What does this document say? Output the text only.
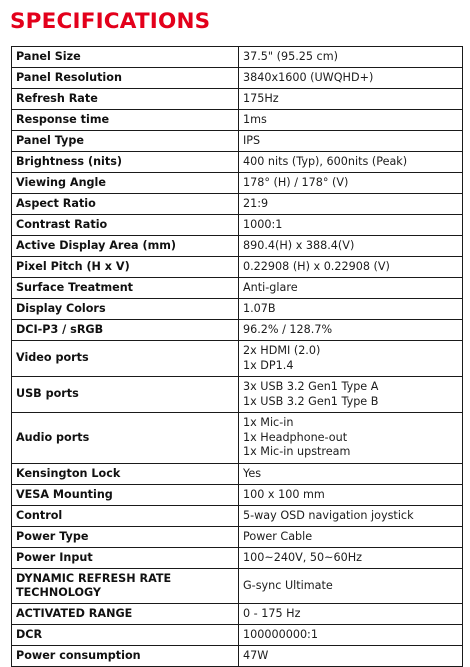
SPECIFICATIONS
Panel Size	37.5" (95.25 cm)

Panel Resolution	3840x1600 (UWQHD+)

Refresh Rate	175Hz

Response time	1ms

Panel Type	IPS

Brightness (nits)	400 nits (Typ), 600nits (Peak)

Viewing Angle	178° (H) / 178° (V)

Aspect Ratio	21:9

Contrast Ratio	1000:1

Active Display Area (mm)	890.4(H) x 388.4(V)

Pixel Pitch (H x V)	0.22908 (H) x 0.22908 (V)

Surface Treatment	Anti-glare

Display Colors	1.07B

DCI-P3 / sRGB	96.2% / 128.7%

Video ports	2x HDMI (2.0)
1x DP1.4

USB ports	3x USB 3.2 Gen1 Type A
1x USB 3.2 Gen1 Type B

Audio ports	1x Mic-in
1x Headphone-out
1x Mic-in upstream

Kensington Lock	Yes

VESA Mounting	100 x 100 mm

Control	5-way OSD navigation joystick

Power Type	Power Cable

Power Input	100~240V, 50~60Hz

DYNAMIC REFRESH RATE TECHNOLOGY	G-sync Ultimate

ACTIVATED RANGE	0 - 175 Hz

DCR	100000000:1

Power consumption	47W
